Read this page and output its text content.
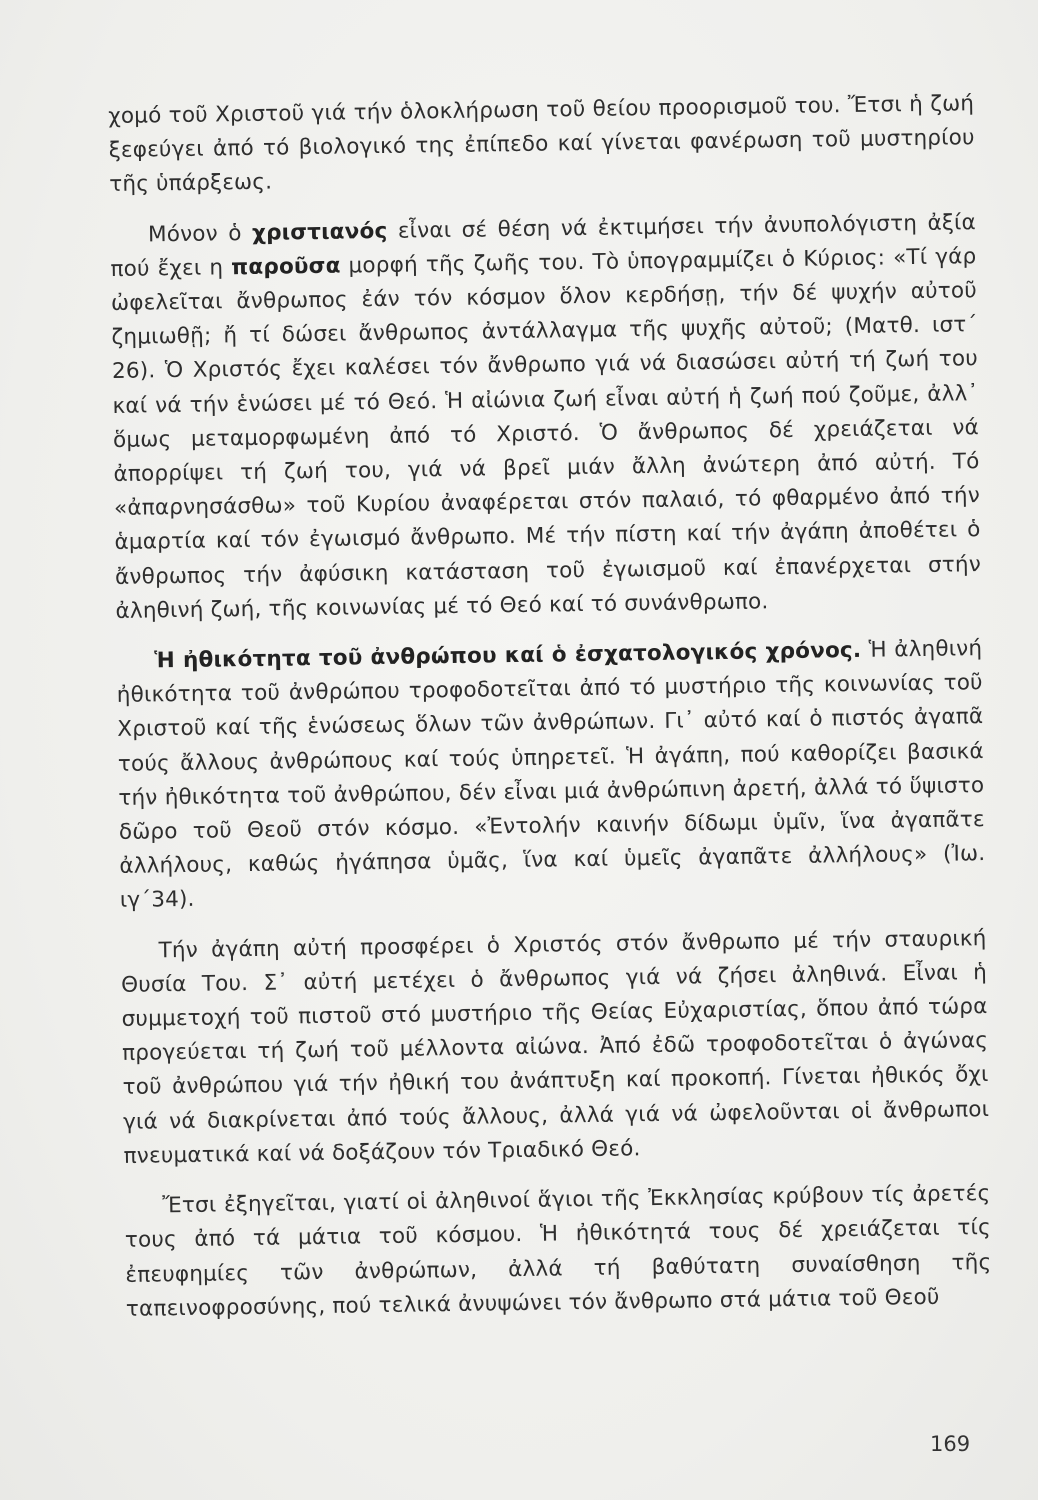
χομό τοῦ Χριστοῦ γιά τήν ὁλοκλήρωση τοῦ θείου προορισμοῦ του. Ἔτσι ἡ ζωή ξεφεύγει ἀπό τό βιολογικό της ἐπίπεδο καί γίνεται φανέρωση τοῦ μυστηρίου τῆς ὑπάρξεως.

Μόνον ὁ χριστιανός εἶναι σέ θέση νά ἐκτιμήσει τήν ἀνυπολόγιστη ἀξία πού ἔχει η παροῦσα μορφή τῆς ζωῆς του. Τὸ ὑπογραμμίζει ὁ Κύριος: «Τί γάρ ὠφελεῖται ἄνθρωπος ἐάν τόν κόσμον ὅλον κερδήσῃ, τήν δέ ψυχήν αὐτοῦ ζημιωθῇ; ἤ τί δώσει ἄνθρωπος ἀντάλλαγμα τῆς ψυχῆς αὐτοῦ; (Ματθ. ιστ΄ 26). Ὁ Χριστός ἔχει καλέσει τόν ἄνθρωπο γιά νά διασώσει αὐτή τή ζωή του καί νά τήν ἑνώσει μέ τό Θεό. Ἡ αἰώνια ζωή εἶναι αὐτή ἡ ζωή πού ζοῦμε, ἀλλ᾽ ὅμως μεταμορφωμένη ἀπό τό Χριστό. Ὁ ἄνθρωπος δέ χρειάζεται νά ἀπορρίψει τή ζωή του, γιά νά βρεῖ μιάν ἄλλη ἀνώτερη ἀπό αὐτή. Τό «ἀπαρνησάσθω» τοῦ Κυρίου ἀναφέρεται στόν παλαιό, τό φθαρμένο ἀπό τήν ἁμαρτία καί τόν ἐγωισμό ἄνθρωπο. Μέ τήν πίστη καί τήν ἀγάπη ἀποθέτει ὁ ἄνθρωπος τήν ἀφύσικη κατάσταση τοῦ ἐγωισμοῦ καί ἐπανέρχεται στήν ἀληθινή ζωή, τῆς κοινωνίας μέ τό Θεό καί τό συνάνθρωπο.

Ἡ ἠθικότητα τοῦ ἀνθρώπου καί ὁ ἐσχατολογικός χρόνος. Ἡ ἀληθινή ἠθικότητα τοῦ ἀνθρώπου τροφοδοτεῖται ἀπό τό μυστήριο τῆς κοινωνίας τοῦ Χριστοῦ καί τῆς ἑνώσεως ὅλων τῶν ἀνθρώπων. Γι᾽ αὐτό καί ὁ πιστός ἀγαπᾶ τούς ἄλλους ἀνθρώπους καί τούς ὑπηρετεῖ. Ἡ ἀγάπη, πού καθορίζει βασικά τήν ἠθικότητα τοῦ ἀνθρώπου, δέν εἶναι μιά ἀνθρώπινη ἀρετή, ἀλλά τό ὕψιστο δῶρο τοῦ Θεοῦ στόν κόσμο. «Ἐντολήν καινήν δίδωμι ὑμῖν, ἵνα ἀγαπᾶτε ἀλλήλους, καθώς ἠγάπησα ὑμᾶς, ἵνα καί ὑμεῖς ἀγαπᾶτε ἀλλήλους» (Ἰω. ιγ΄34).

Τήν ἀγάπη αὐτή προσφέρει ὁ Χριστός στόν ἄνθρωπο μέ τήν σταυρική Θυσία Του. Σ᾽ αὐτή μετέχει ὁ ἄνθρωπος γιά νά ζήσει ἀληθινά. Εἶναι ἡ συμμετοχή τοῦ πιστοῦ στό μυστήριο τῆς Θείας Εὐχαριστίας, ὅπου ἀπό τώρα προγεύεται τή ζωή τοῦ μέλλοντα αἰώνα. Ἀπό ἐδῶ τροφοδοτεῖται ὁ ἀγώνας τοῦ ἀνθρώπου γιά τήν ἠθική του ἀνάπτυξη καί προκοπή. Γίνεται ἠθικός ὄχι γιά νά διακρίνεται ἀπό τούς ἄλλους, ἀλλά γιά νά ὠφελοῦνται οἱ ἄνθρωποι πνευματικά καί νά δοξάζουν τόν Τριαδικό Θεό.

Ἔτσι ἐξηγεῖται, γιατί οἱ ἀληθινοί ἅγιοι τῆς Ἐκκλησίας κρύβουν τίς ἀρετές τους ἀπό τά μάτια τοῦ κόσμου. Ἡ ἠθικότητά τους δέ χρειάζεται τίς ἐπευφημίες τῶν ἀνθρώπων, ἀλλά τή βαθύτατη συναίσθηση τῆς ταπεινοφροσύνης, πού τελικά ἀνυψώνει τόν ἄνθρωπο στά μάτια τοῦ Θεοῦ

169
